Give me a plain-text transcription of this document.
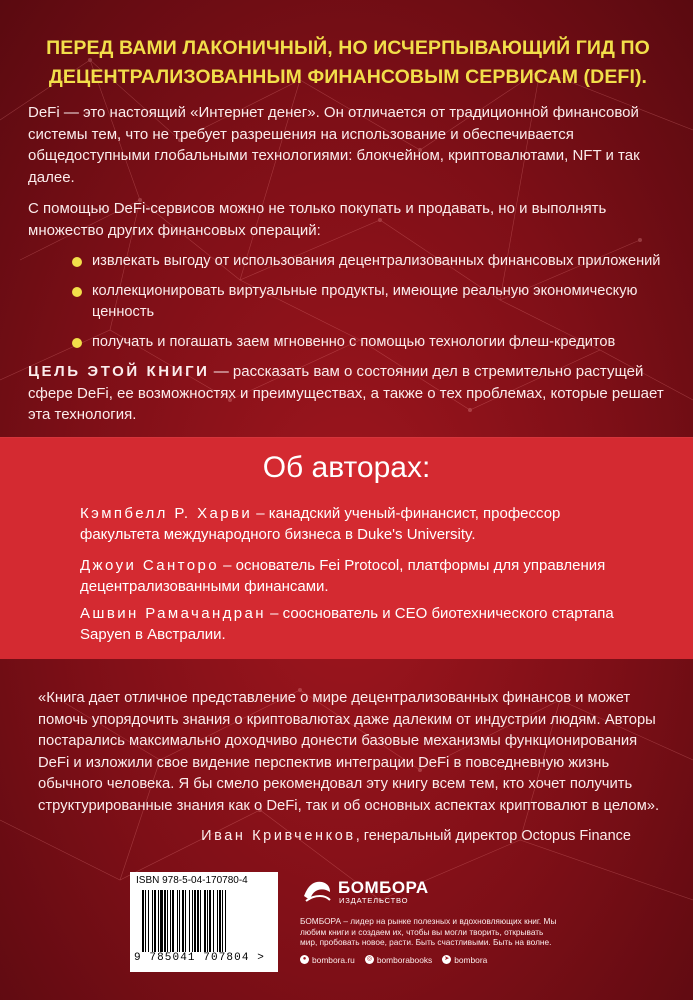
ПЕРЕД ВАМИ ЛАКОНИЧНЫЙ, НО ИСЧЕРПЫВАЮЩИЙ ГИД ПО ДЕЦЕНТРАЛИЗОВАННЫМ ФИНАНСОВЫМ СЕРВИСАМ (DEFI).

DeFi — это настоящий «Интернет денег». Он отличается от традиционной финансовой системы тем, что не требует разрешения на использование и обеспечивается общедоступными глобальными технологиями: блокчейном, криптовалютами, NFT и так далее.

С помощью DeFi-сервисов можно не только покупать и продавать, но и выполнять множество других финансовых операций:

извлекать выгоду от использования децентрализованных финансовых приложений
коллекционировать виртуальные продукты, имеющие реальную экономическую ценность
получать и погашать заем мгновенно с помощью технологии флеш-кредитов
ЦЕЛЬ ЭТОЙ КНИГИ — рассказать вам о состоянии дел в стремительно растущей сфере DeFi, ее возможностях и преимуществах, а также о тех проблемах, которые решает эта технология.
Об авторах:
Кэмпбелл Р. Харви – канадский ученый-финансист, профессор факультета международного бизнеса в Duke's University.
Джоуи Санторо – основатель Fei Protocol, платформы для управления децентрализованными финансами.
Ашвин Рамачандран – сооснователь и CEO биотехнического стартапа Sapyen в Австралии.
«Книга дает отличное представление о мире децентрализованных финансов и может помочь упорядочить знания о криптовалютах даже далеким от индустрии людям. Авторы постарались максимально доходчиво донести базовые механизмы функционирования DeFi и изложили свое видение перспектив интеграции DeFi в повседневную жизнь обычного человека. Я бы смело рекомендовал эту книгу всем тем, кто хочет получить структурированные знания как о DeFi, так и об основных аспектах криптовалют в целом».
Иван Кривченков, генеральный директор Octopus Finance
ISBN 978-5-04-170780-4
9 785041 707804 >
БОМБОРА
ИЗДАТЕЛЬСТВО
БОМБОРА – лидер на рынке полезных и вдохновляющих книг. Мы любим книги и создаем их, чтобы вы могли творить, открывать мир, пробовать новое, расти. Быть счастливыми. Быть на волне.
● bombora.ru	◎ bomborabooks	➤ bombora
